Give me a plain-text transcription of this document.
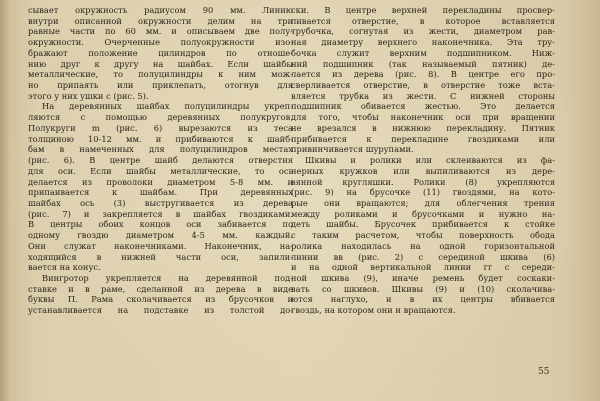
сывает окружность радиусом 90 мм. Линию
внутри описанной окружности делим на три
равные части по 60 мм. и описываем две полу-
окружности. Очерченные полуокружности изо-
бражают положение цилиндров по отноше-
нию друг к другу на шайбах. Если шайбы
металлические, то полуцилиндры к ним мож-
но припаять или приклепать, отогнув для
этого у них ушки с (рис. 5).
На деревянных шайбах полуцилиндры укреп-
ляются с помощью деревянных полукругов.
Полукруги m (рис. 6) вырезаются из теса
толщиною 10-12 мм. и прибиваются к шайб-
бам в намеченных для полуцилиндров местах
(рис. 6). В центре шайб делаются отверстия
для оси. Если шайбы металлические, то ось
делается из проволоки диаметром 5-8 мм. и
припаивается к шайбам. При деревянных
шайбах ось (3) выстругивается из дерева
(рис. 7) и закрепляется в шайбах гвоздиками.
В центры обоих концов оси забивается по
одному гвоздю диаметром 4-5 мм. каждый.
Они служат наконечниками. Наконечник, на-
ходящийся в нижней части оси, запили-
вается на конус.
Вингротор укрепляется на деревянной под-
ставке и в раме, сделанной из дерева в виде
буквы П. Рама сколачивается из брусочков и
устанавливается на подставке из толстой до-
ски. В центре верхней перекладины просвер-
ливается отверстие, в которое вставляется
трубочка, согнутая из жести, диаметром рав-
ная диаметру верхнего наконечника. Эта тру-
бочка служит верхним подшипником. Ниж-
ний подшипник (так называемый пятник) де-
лается из дерева (рис. 8). В центре его про-
сверливается отверстие, в отверстие тоже вста-
вляется трубка из жести. С нижней стороны
подшипник обивается жестью. Это делается
для того, чтобы наконечник оси при вращении
не врезался в нижнюю перекладину. Пятник
прибивается к перекладине гвоздиками или
привинчивается шурупами.
Шкивы и ролики или склеиваются из фа-
нерных кружков или выпиливаются из дере-
вянной кругляшки. Ролики (8) укрепляются
(рис. 9) на брусочке (11) гвоздями, на кото-
рые они вращаются; для облегчения трения
между роликами и брусочками и нужно на-
деть шайбы. Брусочек прибивается к стойке
с таким расчетом, чтобы поверхность обода
ролика находилась на одной горизонтальной
линии вв (рис. 2) с серединой шкива (6)
и на одной вертикальной линии гг с середи-
ной шкива (9), иначе ремень будет соскаки-
вать со шкивов. Шкивы (9) и (10) сколачива-
ются наглухо, и в их центры вбивается
гвоздь, на котором они и вращаются.
55
